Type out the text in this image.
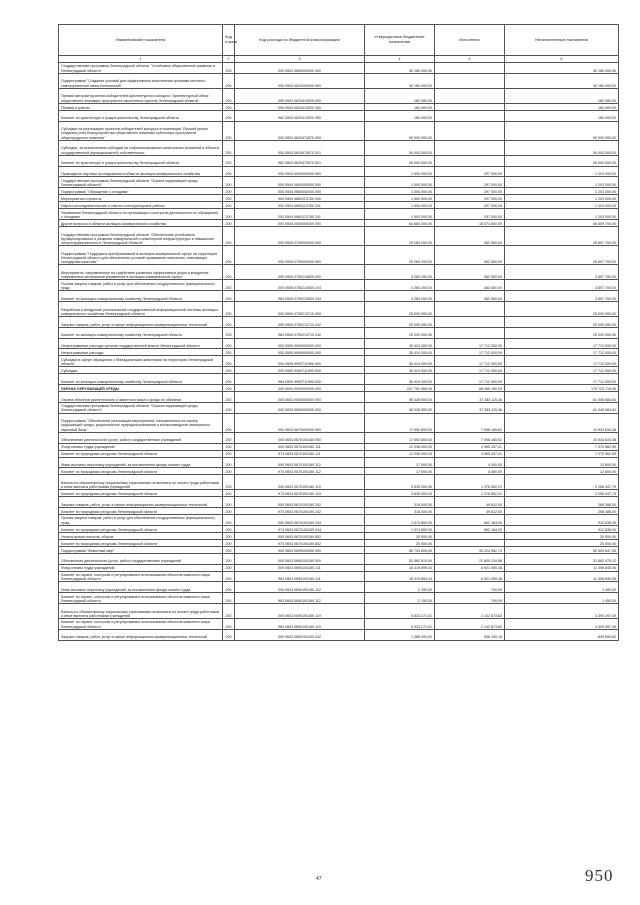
Наименование показателя	Код строки	Код расхода по бюджетной классификации	Утвержденные бюджетные назначения	Исполнено	Неисполненные назначения
1	2	3	4	5	6
Государственная программа Ленинградской области "Устойчивое общественное развитие в Ленинградской области"	200	000 0503 0600000000 000	50 180 000,00		50 180 000,00
Подпрограмма "Создание условий для эффективного выполнения органами местного самоуправления своих полномочий"	200	000 0503 0620000000 000	50 180 000,00		50 180 000,00
Премии авторам проектов-победителей архитектурного конкурса "Архитектурный облик общественно-значимых пространств населенных пунктов Ленинградской области"	200	000 0503 0620413920 000	180 000,00		180 000,00
Премии и гранты	200	000 0503 0620413920 350	180 000,00		180 000,00
Комитет по архитектуре и градостроительству Ленинградской области	200	962 0503 0620413920 350	180 000,00		180 000,00
Субсидии на реализацию проектов-победителей конкурса в номинации "Лучший проект создания (или) благоустройства общественно значимых публичных пространств общегородского значения"	200	000 0503 0620474570 000	50 000 000,00		50 000 000,00
Субсидии, за исключением субсидий на софинансирование капитальных вложений в объекты государственной (муниципальной) собственности	200	000 0503 0620474570 521	50 000 000,00		50 000 000,00
Комитет по архитектуре и градостроительству Ленинградской области	200	962 0503 0620474570 521	50 000 000,00		50 000 000,00
Прикладные научные исследования в области жилищно-коммунального хозяйства	200	000 0504 0000000000 000	1 500 000,00	297 000,00	1 203 000,00
Государственная программа Ленинградской области "Охрана окружающей среды Ленинградской области"	200	000 0504 0600000000 000	1 500 000,00	297 000,00	1 203 000,00
Подпрограмма "Обращение с отходами"	200	000 0504 0660000000 000	1 500 000,00	297 000,00	1 203 000,00
Мероприятия и проекты	200	000 0504 0660113760 000	1 500 000,00	297 000,00	1 203 000,00
Научно-исследовательские и опытно-конструкторские работы	200	000 0504 0660113760 241	1 500 000,00	297 000,00	1 203 000,00
Управление Ленинградской области по организации и контролю деятельности по обращению с отходами	200	252 0504 0660113760 241	1 500 000,00	297 000,00	1 203 000,00
Другие вопросы в области жилищно-коммунального хозяйства	200	000 0505 0000000000 000	64 684 200,00	18 074 500,00	46 609 700,00
Государственная программа Ленинградской области "Обеспечение устойчивого функционирования и развития коммунальной и инженерной инфраструктуры и повышение энергоэффективности в Ленинградской области"	200	000 0505 0700000000 000	29 260 200,00	362 500,00	28 897 700,00
Подпрограмма "Поддержка преобразований в жилищно-коммунальной сфере на территории Ленинградской области для обеспечения условий проживания населения, отвечающих стандартам качества"	200	000 0505 0750000000 000	29 260 200,00	362 500,00	28 897 700,00
Мероприятия, направленные на содействие развитию эффективных форм и внедрение современных механизмов управления в жилищно-коммунальной сфере	200	000 0505 0750210830 000	4 260 200,00	362 500,00	3 897 700,00
Прочая закупка товаров, работ и услуг для обеспечения государственных (муниципальных) нужд	200	000 0505 0750210830 244	4 260 200,00	362 500,00	3 897 700,00
Комитет по жилищно-коммунальному хозяйству Ленинградской области	200	984 0505 0750210830 244	4 260 200,00	362 500,00	3 897 700,00
Разработка и внедрение региональной государственной информационной системы жилищно-коммунального хозяйства Ленинградской области	200	000 0505 0750213710 000	25 000 000,00		25 000 000,00
Закупка товаров, работ, услуг в сфере информационно-коммуникационных технологий	200	000 0505 0750213710 242	25 000 000,00		25 000 000,00
Комитет по жилищно-коммунальному хозяйству Ленинградской области	200	984 0505 0750213710 242	25 000 000,00		25 000 000,00
Непрограммные расходы органов государственной власти Ленинградской области	200	000 0505 9900000000 000	35 424 000,00	17 712 000,00	17 712 000,00
Непрограммные расходы	200	000 0505 9990000000 000	35 424 000,00	17 712 000,00	17 712 000,00
Субсидии в сфере обращения с безнадзорными животными на территории Ленинградской области	200	000 0505 9990711990 000	35 424 000,00	17 712 000,00	17 712 000,00
Субсидии	200	000 0505 9990711990 530	35 424 000,00	17 712 000,00	17 712 000,00
Комитет по жилищно-коммунальному хозяйству Ленинградской области	200	984 0505 9990711990 530	35 424 000,00	17 712 000,00	17 712 000,00
ОХРАНА ОКРУЖАЮЩЕЙ СРЕДЫ	200	000 0600 0000000000 000	247 792 906,00	68 069 190,94	179 723 715,06
Охрана объектов растительного и животного мира и среды их обитания	200	000 0603 0000000000 000	98 328 900,00	37 283 115,36	61 045 684,64
Государственная программа Ленинградской области "Охрана окружающей среды Ленинградской области"	200	000 0603 0600000000 000	98 328 900,00	37 283 115,36	61 045 684,64
Подпрограмма "Обеспечение реализации мероприятий, направленных на охрану окружающей среды, рациональное природопользование и воспроизводство минерально-сырьевой базы"	200	000 0603 0670000000 000	17 592 800,00	7 058 165,62	10 534 634,38
Обеспечение деятельности (услуг, работ) государственных учреждений	200	000 0603 0670100160 000	17 592 800,00	7 058 165,62	10 534 634,38
Фонд оплаты труда учреждений	200	000 0603 0670100160 111	12 036 000,00	4 965 437,41	7 070 562,59
Комитет по природным ресурсам Ленинградской области	200	974 0603 0670100160 111	12 036 000,00	4 965 437,41	7 070 562,59
Иные выплаты персоналу учреждений, за исключением фонда оплаты труда	200	000 0603 0670100160 112	17 000,00	4 400,00	12 600,00
Комитет по природным ресурсам Ленинградской области	200	974 0603 0670100160 112	17 000,00	4 400,00	12 600,00
Взносы по обязательному социальному страхованию на выплаты по оплате труда работников и иные выплаты работникам учреждений	200	000 0603 0670100160 119	3 635 000,00	1 376 552,21	2 258 447,79
Комитет по природным ресурсам Ленинградской области	200	974 0603 0670100160 119	3 635 000,00	1 376 552,21	2 258 447,79
Закупка товаров, работ, услуг в сфере информационно-коммуникационных технологий	200	000 0603 0670100160 242	318 000,00	49 612,00	268 388,00
Комитет по природным ресурсам Ленинградской области	200	974 0603 0670100160 242	318 000,00	49 612,00	268 388,00
Прочая закупка товаров, работ и услуг для обеспечения государственных (муниципальных) нужд	200	000 0603 0670100160 244	1 574 800,00	662 164,00	912 636,00
Комитет по природным ресурсам Ленинградской области	200	974 0603 0670100160 244	1 574 800,00	662 164,00	912 636,00
Уплата прочих налогов, сборов	200	000 0603 0670100160 852	20 000,00		20 000,00
Комитет по природным ресурсам Ленинградской области	200	974 0603 0670100160 852	20 000,00		20 000,00
Подпрограмма "Животный мир"	200	000 0603 0690000000 000	80 734 600,00	30 224 952,74	50 509 647,26
Обеспечение деятельности (услуг, работ) государственных учреждений	200	000 0603 0690100160 000	53 482 610,00	21 800 134,88	31 682 475,12
Фонд оплаты труда учреждений	200	000 0603 0690100160 111	18 319 899,44	6 921 059,38	11 398 840,06
Комитет по охране, контролю и регулированию использования объектов животного мира Ленинградской области	200	983 0603 0690100160 111	18 319 899,44	6 921 059,38	11 398 840,06
Иные выплаты персоналу учреждений, за исключением фонда оплаты труда	200	000 0603 0690100160 112	2 150,00	700,00	1 450,00
Комитет по охране, контролю и регулированию использования объектов животного мира Ленинградской области	200	983 0603 0690100160 112	2 150,00	700,00	1 450,00
Взносы по обязательному социальному страхованию на выплаты по оплате труда работников и иные выплаты работникам учреждений	200	000 0603 0690100160 119	5 533 271,01	2 142 873,62	3 390 397,39
Комитет по охране, контролю и регулированию использования объектов животного мира Ленинградской области	200	983 0603 0690100160 119	5 533 271,01	2 142 873,62	3 390 397,39
Закупка товаров, работ, услуг в сфере информационно-коммуникационных технологий	200	000 0603 0690100160 242	1 388 000,00	538 340,18	849 659,82
47	950
